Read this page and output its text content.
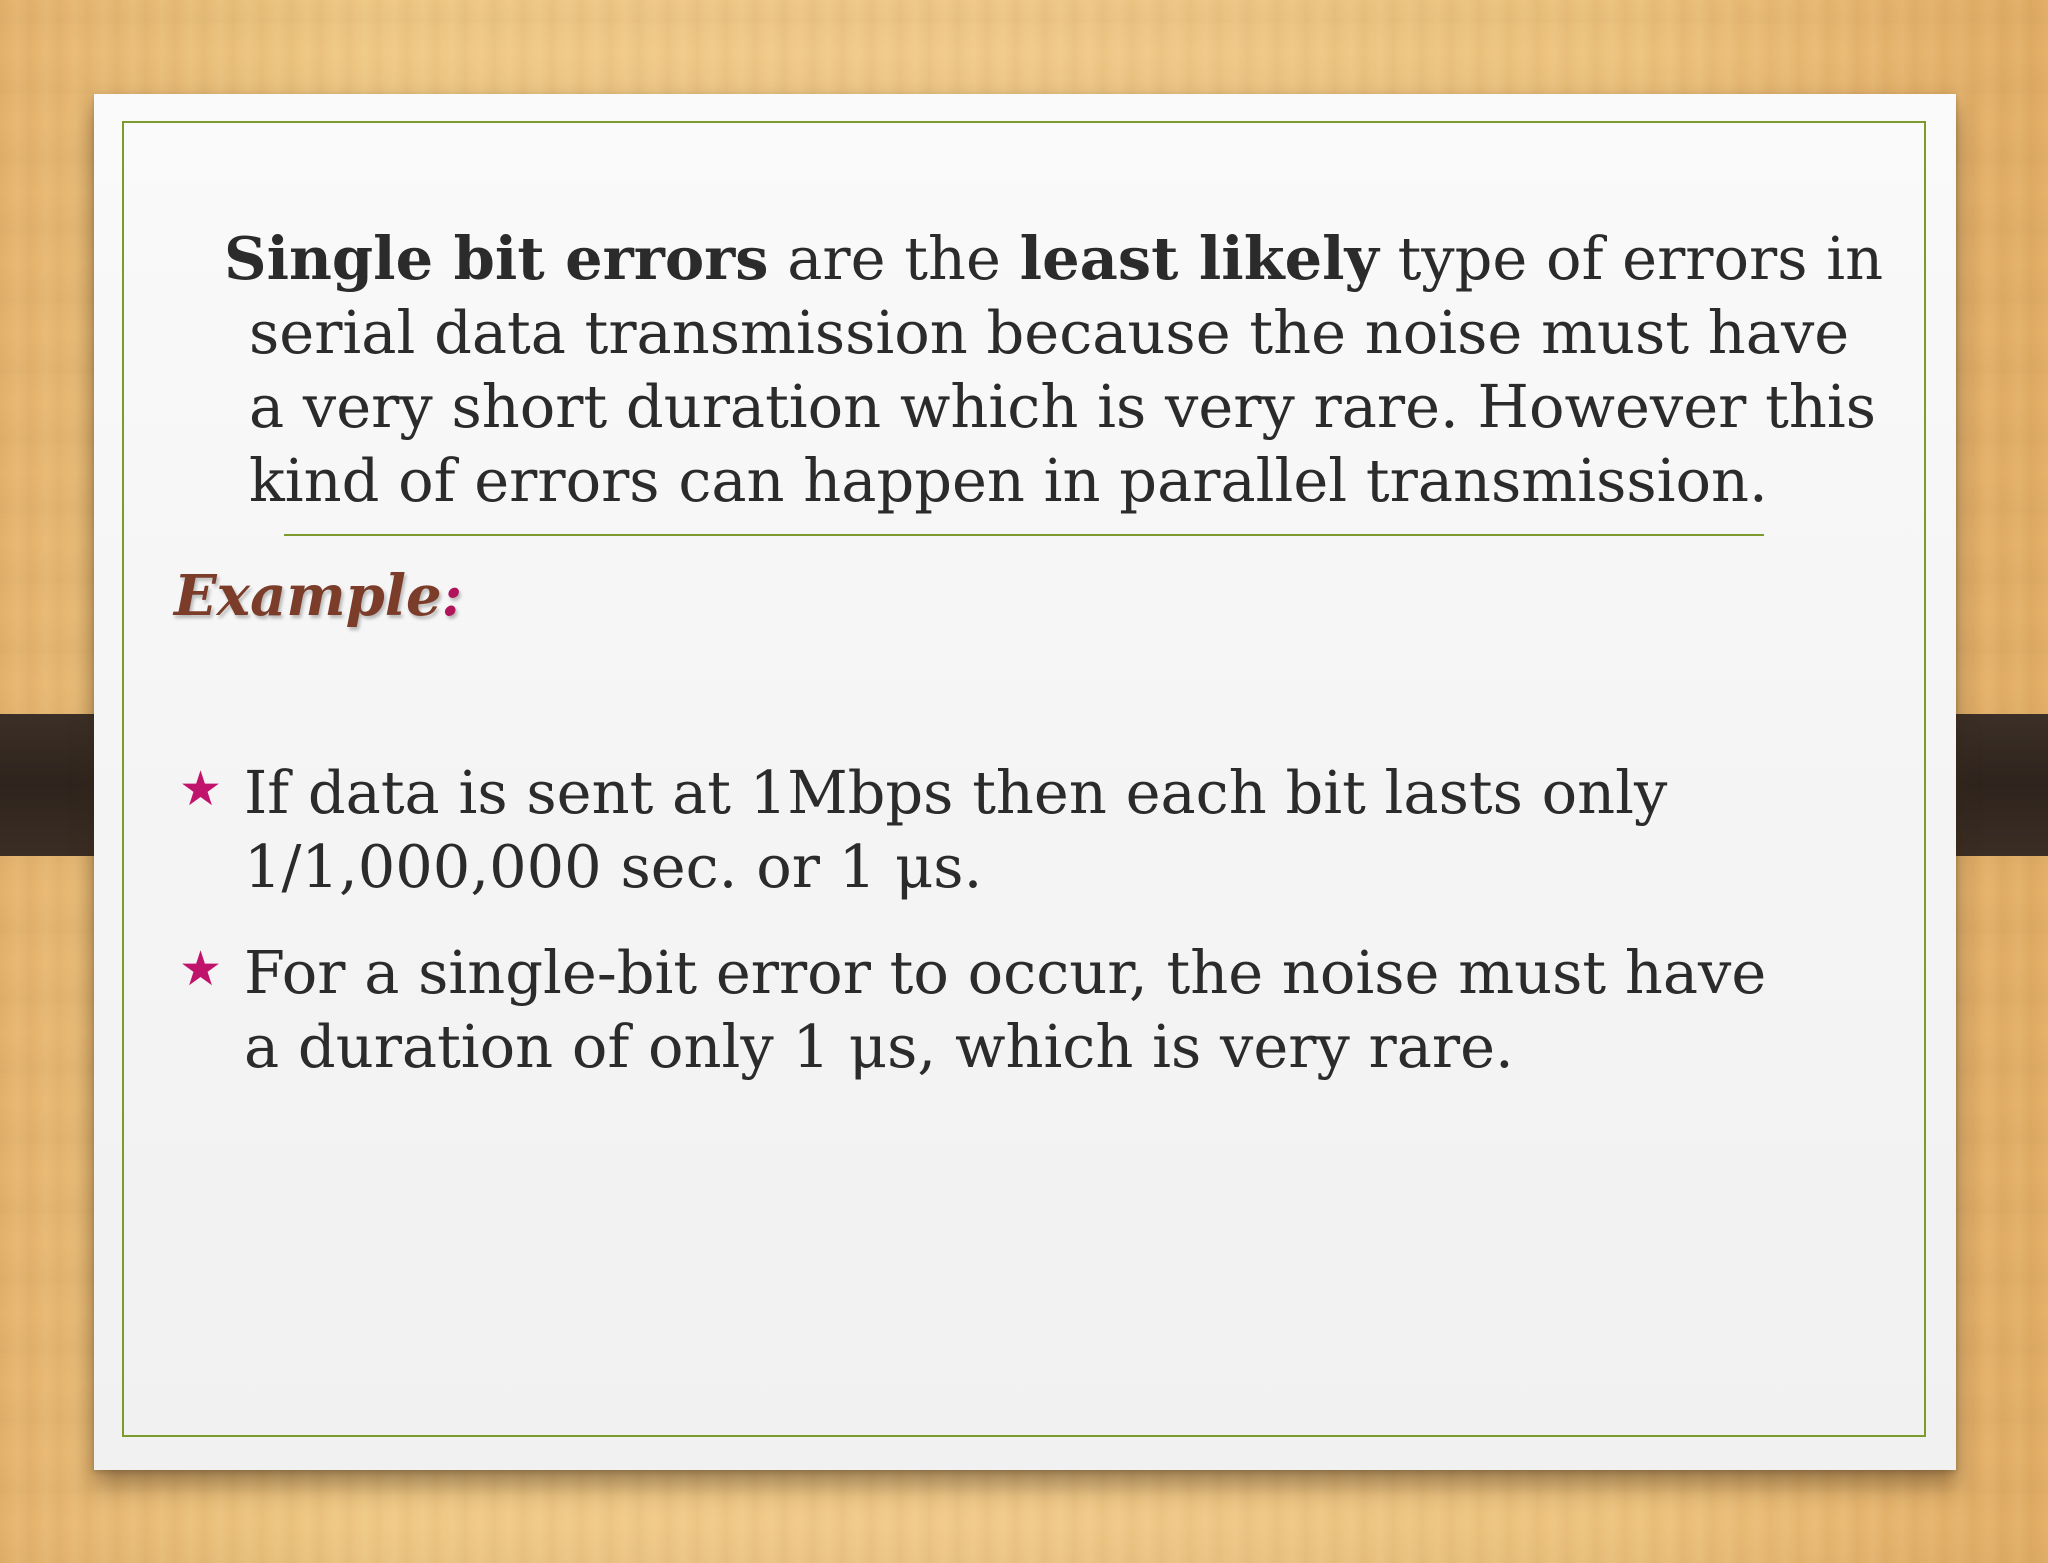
Single bit errors are the least likely type of errors in serial data transmission because the noise must have a very short duration which is very rare. However this kind of errors can happen in parallel transmission.

Example:
★ If data is sent at 1Mbps then each bit lasts only 1/1,000,000 sec. or 1 μs.
★ For a single-bit error to occur, the noise must have a duration of only 1 μs, which is very rare.
